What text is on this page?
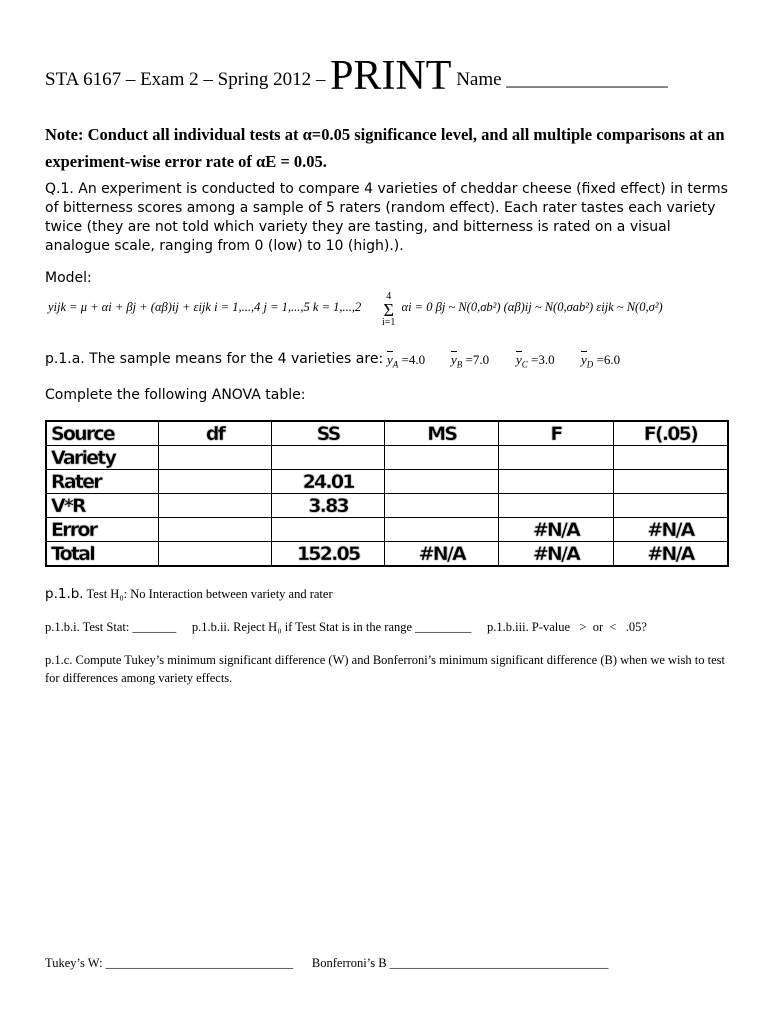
STA 6167 – Exam 2 – Spring 2012 – PRINT Name _________________
Note: Conduct all individual tests at α=0.05 significance level, and all multiple comparisons at an experiment-wise error rate of αE = 0.05.
Q.1. An experiment is conducted to compare 4 varieties of cheddar cheese (fixed effect) in terms of bitterness scores among a sample of 5 raters (random effect). Each rater tastes each variety twice (they are not told which variety they are tasting, and bitterness is rated on a visual analogue scale, ranging from 0 (low) to 10 (high).).
Model:
yijk = μ + αi + βj + (αβ)ij + εijk i = 1,...,4 j = 1,...,5 k = 1,...,2	αi = 0 βj ~ N(0,σb²) (αβ)ij ~ N(0,σab²) εijk ~ N(0,σ²)
4
Σ
i=1
p.1.a. The sample means for the 4 varieties are: $y_A =4.0$ $y_B =7.0$ $y_C =3.0$ $y_D =6.0$
Complete the following ANOVA table:
Source	df	SS	MS	F	F(.05)
Variety					
Rater		24.01			
V*R		3.83			
Error				#N/A	#N/A
Total		152.05	#N/A	#N/A	#N/A
p.1.b. Test H₀: No Interaction between variety and rater
p.1.b.i. Test Stat: _______     p.1.b.ii. Reject H₀ if Test Stat is in the range _________     p.1.b.iii. P-value   >  or  <   .05?
p.1.c. Compute Tukey’s minimum significant difference (W) and Bonferroni’s minimum significant difference (B) when we wish to test for differences among variety effects.
Tukey’s W: ______________________________      Bonferroni’s B ___________________________________
